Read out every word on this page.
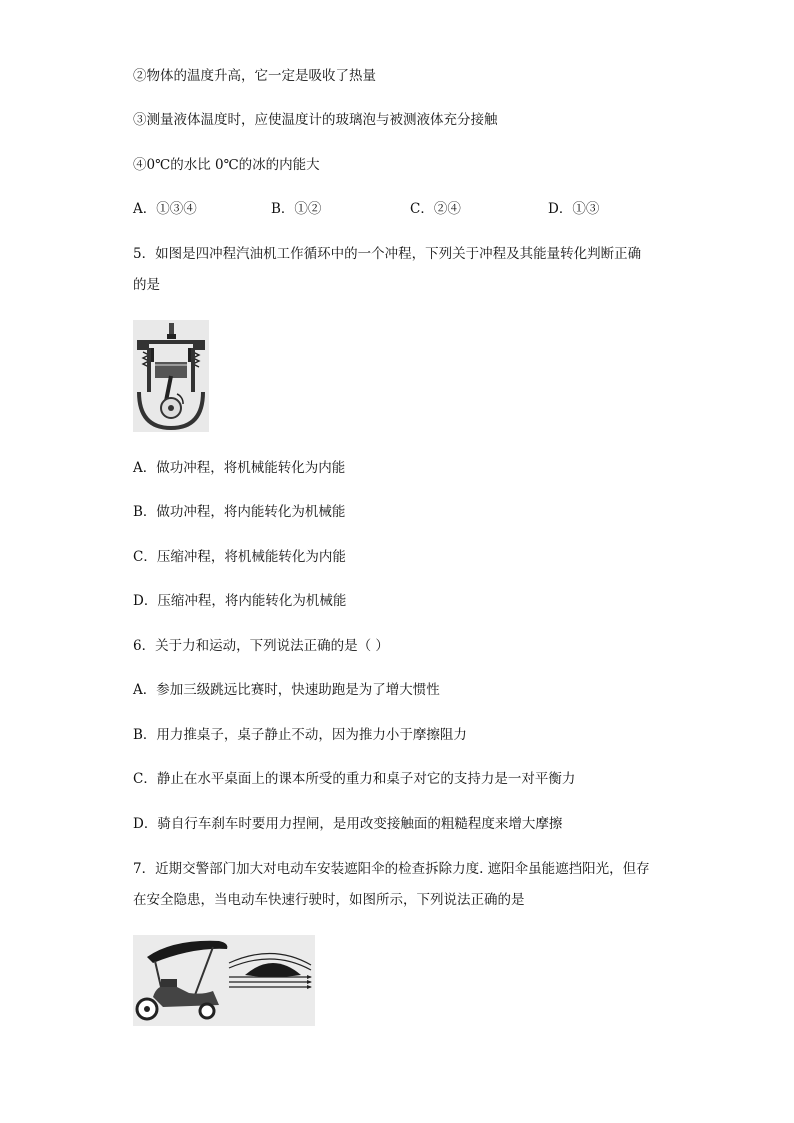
②物体的温度升高，它一定是吸收了热量
③测量液体温度时，应使温度计的玻璃泡与被测液体充分接触
④0℃的水比 0℃的冰的内能大
A．①③④	B．①②	C．②④	D．①③
5．如图是四冲程汽油机工作循环中的一个冲程，下列关于冲程及其能量转化判断正确
的是
A．做功冲程，将机械能转化为内能
B．做功冲程，将内能转化为机械能
C．压缩冲程，将机械能转化为内能
D．压缩冲程，将内能转化为机械能
6．关于力和运动，下列说法正确的是（ ）
A．参加三级跳远比赛时，快速助跑是为了增大惯性
B．用力推桌子，桌子静止不动，因为推力小于摩擦阻力
C．静止在水平桌面上的课本所受的重力和桌子对它的支持力是一对平衡力
D．骑自行车刹车时要用力捏闸，是用改变接触面的粗糙程度来增大摩擦
7．近期交警部门加大对电动车安装遮阳伞的检查拆除力度. 遮阳伞虽能遮挡阳光，但存
在安全隐患，当电动车快速行驶时，如图所示，下列说法正确的是
